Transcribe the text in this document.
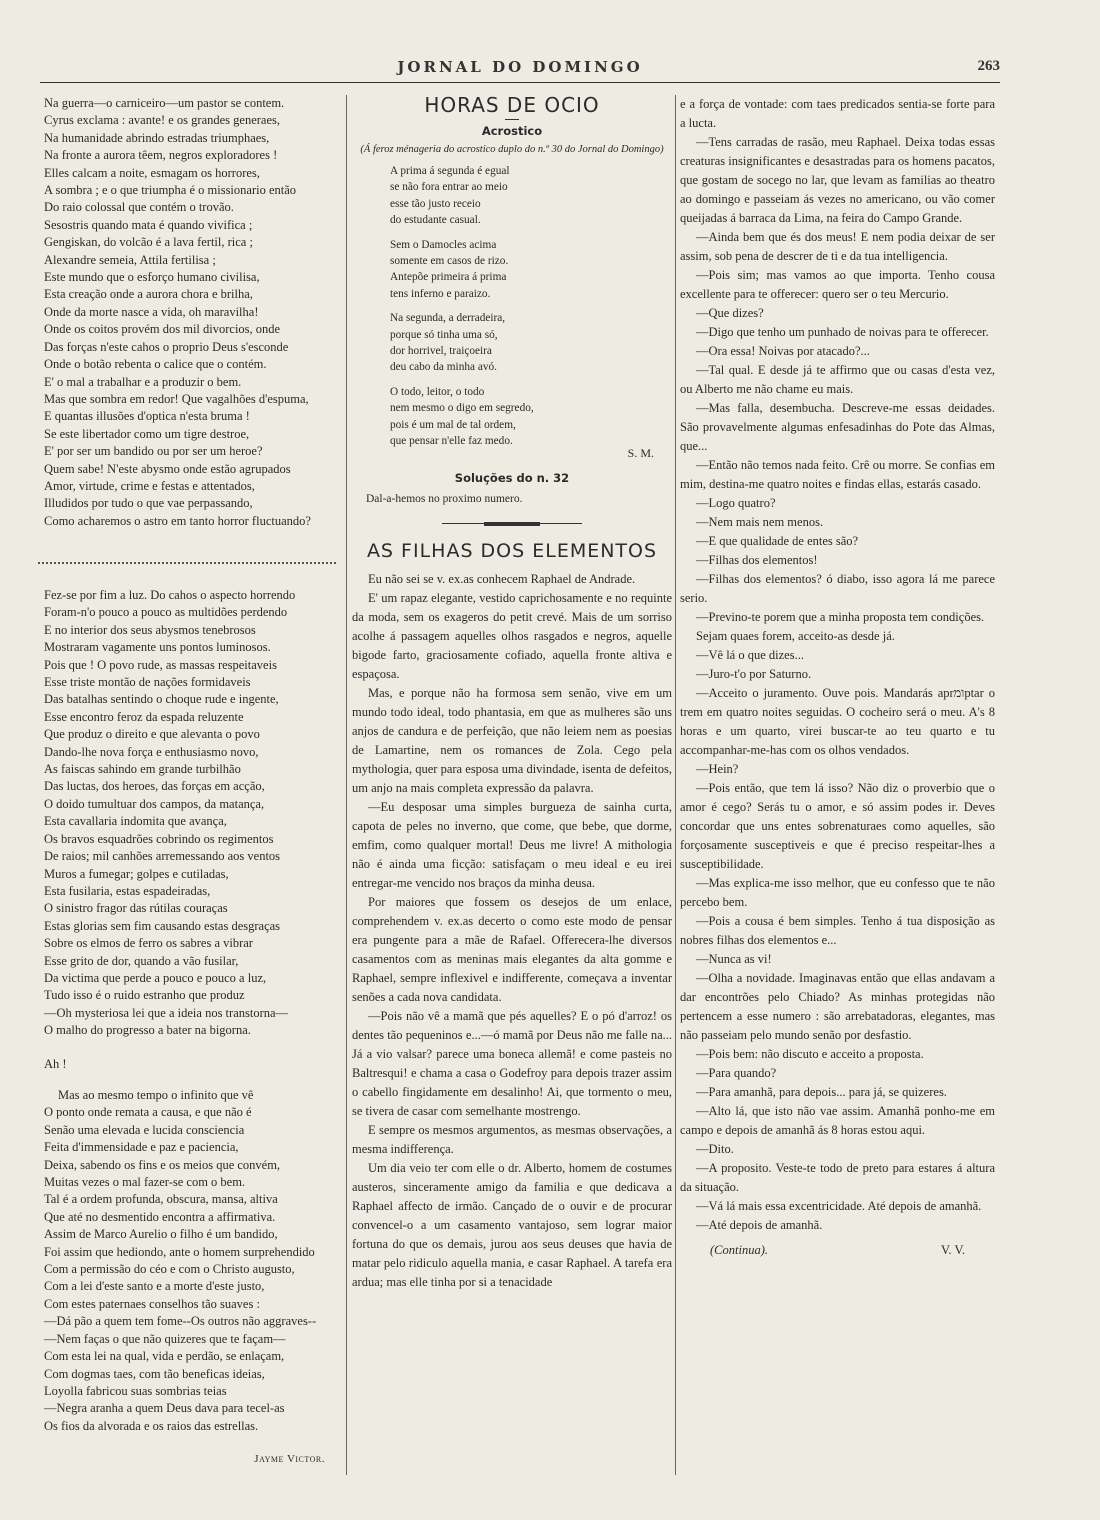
JORNAL DO DOMINGO	263
Na guerra—o carniceiro—um pastor se contem.
Cyrus exclama : avante! e os grandes generaes,
Na humanidade abrindo estradas triumphaes,
Na fronte a aurora têem, negros exploradores !
Elles calcam a noite, esmagam os horrores,
A sombra ; e o que triumpha é o missionario então
Do raio colossal que contém o trovão.
Sesostris quando mata é quando vivifica ;
Gengiskan, do volcão é a lava fertil, rica ;
Alexandre semeia, Attila fertilisa ;
Este mundo que o esforço humano civilisa,
Esta creação onde a aurora chora e brilha,
Onde da morte nasce a vida, oh maravilha!
Onde os coitos provém dos mil divorcios, onde
Das forças n'este cahos o proprio Deus s'esconde
Onde o botão rebenta o calice que o contém.
E' o mal a trabalhar e a produzir o bem.
Mas que sombra em redor! Que vagalhões d'espuma,
E quantas illusões d'optica n'esta bruma !
Se este libertador como um tigre destroe,
E' por ser um bandido ou por ser um heroe?
Quem sabe! N'este abysmo onde estão agrupados
Amor, virtude, crime e festas e attentados,
Illudidos por tudo o que vae perpassando,
Como acharemos o astro em tanto horror fluctuando?
Fez-se por fim a luz. Do cahos o aspecto horrendo
Foram-n'o pouco a pouco as multidões perdendo
E no interior dos seus abysmos tenebrosos
Mostraram vagamente uns pontos luminosos.
Pois que ! O povo rude, as massas respeitaveis
Esse triste montão de nações formidaveis
Das batalhas sentindo o choque rude e ingente,
Esse encontro feroz da espada reluzente
Que produz o direito e que alevanta o povo
Dando-lhe nova força e enthusiasmo novo,
As faiscas sahindo em grande turbilhão
Das luctas, dos heroes, das forças em acção,
O doido tumultuar dos campos, da matança,
Esta cavallaria indomita que avança,
Os bravos esquadrões cobrindo os regimentos
De raios; mil canhões arremessando aos ventos
Muros a fumegar; golpes e cutiladas,
Esta fusilaria, estas espadeiradas,
O sinistro fragor das rútilas couraças
Estas glorias sem fim causando estas desgraças
Sobre os elmos de ferro os sabres a vibrar
Esse grito de dor, quando a vão fusilar,
Da victima que perde a pouco e pouco a luz,
Tudo isso é o ruido estranho que produz
—Oh mysteriosa lei que a ideia nos transtorna—
O malho do progresso a bater na bigorna.
Ah !
Mas ao mesmo tempo o infinito que vê
O ponto onde remata a causa, e que não é
Senão uma elevada e lucida consciencia
Feita d'immensidade e paz e paciencia,
Deixa, sabendo os fins e os meios que convém,
Muitas vezes o mal fazer-se com o bem.
Tal é a ordem profunda, obscura, mansa, altiva
Que até no desmentido encontra a affirmativa.
Assim de Marco Aurelio o filho é um bandido,
Foi assim que hediondo, ante o homem surprehendido
Com a permissão do céo e com o Christo augusto,
Com a lei d'este santo e a morte d'este justo,
Com estes paternaes conselhos tão suaves :
—Dá pão a quem tem fome--Os outros não aggraves--
—Nem faças o que não quizeres que te façam—
Com esta lei na qual, vida e perdão, se enlaçam,
Com dogmas taes, com tão beneficas ideias,
Loyolla fabricou suas sombrias teias
—Negra aranha a quem Deus dava para tecel-as
Os fios da alvorada e os raios das estrellas.
Jayme Victor.
HORAS DE OCIO
Acrostico
(Á feroz ménageria do acrostico duplo do n.º 30 do Jornal do Domingo)
A prima á segunda é egual
se não fora entrar ao meio
esse tão justo receio
do estudante casual.
Sem o Damocles acima
somente em casos de rizo.
Antepõe primeira á prima
tens inferno e paraizo.
Na segunda, a derradeira,
porque só tinha uma só,
dor horrivel, traiçoeira
deu cabo da minha avó.
O todo, leitor, o todo
nem mesmo o digo em segredo,
pois é um mal de tal ordem,
que pensar n'elle faz medo.
S. M.
Soluções do n. 32
Dal-a-hemos no proximo numero.
AS FILHAS DOS ELEMENTOS

Eu não sei se v. ex.as conhecem Raphael de Andrade.

E' um rapaz elegante, vestido caprichosamente e no requinte da moda, sem os exageros do petit crevé. Mais de um sorriso acolhe á passagem aquelles olhos rasgados e negros, aquelle bigode farto, graciosamente cofiado, aquella fronte altiva e espaçosa.

Mas, e porque não ha formosa sem senão, vive em um mundo todo ideal, todo phantasia, em que as mulheres são uns anjos de candura e de perfeição, que não leiem nem as poesias de Lamartine, nem os romances de Zola. Cego pela mythologia, quer para esposa uma divindade, isenta de defeitos, um anjo na mais completa expressão da palavra.

—Eu desposar uma simples burgueza de sainha curta, capota de peles no inverno, que come, que bebe, que dorme, emfim, como qualquer mortal! Deus me livre! A mithologia não é ainda uma ficção: satisfaçam o meu ideal e eu irei entregar-me vencido nos braços da minha deusa.

Por maiores que fossem os desejos de um enlace, comprehendem v. ex.as decerto o como este modo de pensar era pungente para a mãe de Rafael. Offerecera-lhe diversos casamentos com as meninas mais elegantes da alta gomme e Raphael, sempre inflexivel e indifferente, começava a inventar senões a cada nova candidata.

—Pois não vê a mamã que pés aquelles? E o pó d'arroz! os dentes tão pequeninos e...—ó mamã por Deus não me falle na... Já a vio valsar? parece uma boneca allemã! e come pasteis no Baltresqui! e chama a casa o Godefroy para depois trazer assim o cabello fingidamente em desalinho! Ai, que tormento o meu, se tivera de casar com semelhante mostrengo.

E sempre os mesmos argumentos, as mesmas observações, a mesma indifferença.

Um dia veio ter com elle o dr. Alberto, homem de costumes austeros, sinceramente amigo da familia e que dedicava a Raphael affecto de irmão. Cançado de o ouvir e de procurar convencel-o a um casamento vantajoso, sem lograr maior fortuna do que os demais, jurou aos seus deuses que havia de matar pelo ridiculo aquella mania, e casar Raphael. A tarefa era ardua; mas elle tinha por si a tenacidade

e a força de vontade: com taes predicados sentia-se forte para a lucta.

—Tens carradas de rasão, meu Raphael. Deixa todas essas creaturas insignificantes e desastradas para os homens pacatos, que gostam de socego no lar, que levam as familias ao theatro ao domingo e passeiam ás vezes no americano, ou vão comer queijadas á barraca da Lima, na feira do Campo Grande.

—Ainda bem que és dos meus! E nem podia deixar de ser assim, sob pena de descrer de ti e da tua intelligencia.

—Pois sim; mas vamos ao que importa. Tenho cousa excellente para te offerecer: quero ser o teu Mercurio.

—Que dizes?

—Digo que tenho um punhado de noivas para te offerecer.

—Ora essa! Noivas por atacado?...

—Tal qual. E desde já te affirmo que ou casas d'esta vez, ou Alberto me não chame eu mais.

—Mas falla, desembucha. Descreve-me essas deidades. São provavelmente algumas enfesadinhas do Pote das Almas, que...

—Então não temos nada feito. Crê ou morre. Se confias em mim, destina-me quatro noites e findas ellas, estarás casado.

—Logo quatro?

—Nem mais nem menos.

—E que qualidade de entes são?

—Filhas dos elementos!

—Filhas dos elementos? ó diabo, isso agora lá me parece serio.

—Previno-te porem que a minha proposta tem condições.

Sejam quaes forem, acceito-as desde já.

—Vê lá o que dizes...

—Juro-t'o por Saturno.

—Acceito o juramento. Ouve pois. Mandarás aprומptar o trem em quatro noites seguidas. O cocheiro será o meu. A's 8 horas e um quarto, virei buscar-te ao teu quarto e tu accompanhar-me-has com os olhos vendados.

—Hein?

—Pois então, que tem lá isso? Não diz o proverbio que o amor é cego? Serás tu o amor, e só assim podes ir. Deves concordar que uns entes sobrenaturaes como aquelles, são forçosamente susceptiveis e que é preciso respeitar-lhes a susceptibilidade.

—Mas explica-me isso melhor, que eu confesso que te não percebo bem.

—Pois a cousa é bem simples. Tenho á tua disposição as nobres filhas dos elementos e...

—Nunca as vi!

—Olha a novidade. Imaginavas então que ellas andavam a dar encontrões pelo Chiado? As minhas protegidas não pertencem a esse numero : são arrebatadoras, elegantes, mas não passeiam pelo mundo senão por desfastio.

—Pois bem: não discuto e acceito a proposta.

—Para quando?

—Para amanhã, para depois... para já, se quizeres.

—Alto lá, que isto não vae assim. Amanhã ponho-me em campo e depois de amanhã ás 8 horas estou aqui.

—Dito.

—A proposito. Veste-te todo de preto para estares á altura da situação.

—Vá lá mais essa excentricidade. Até depois de amanhã.

—Até depois de amanhã.

(Continua).	V. V.
